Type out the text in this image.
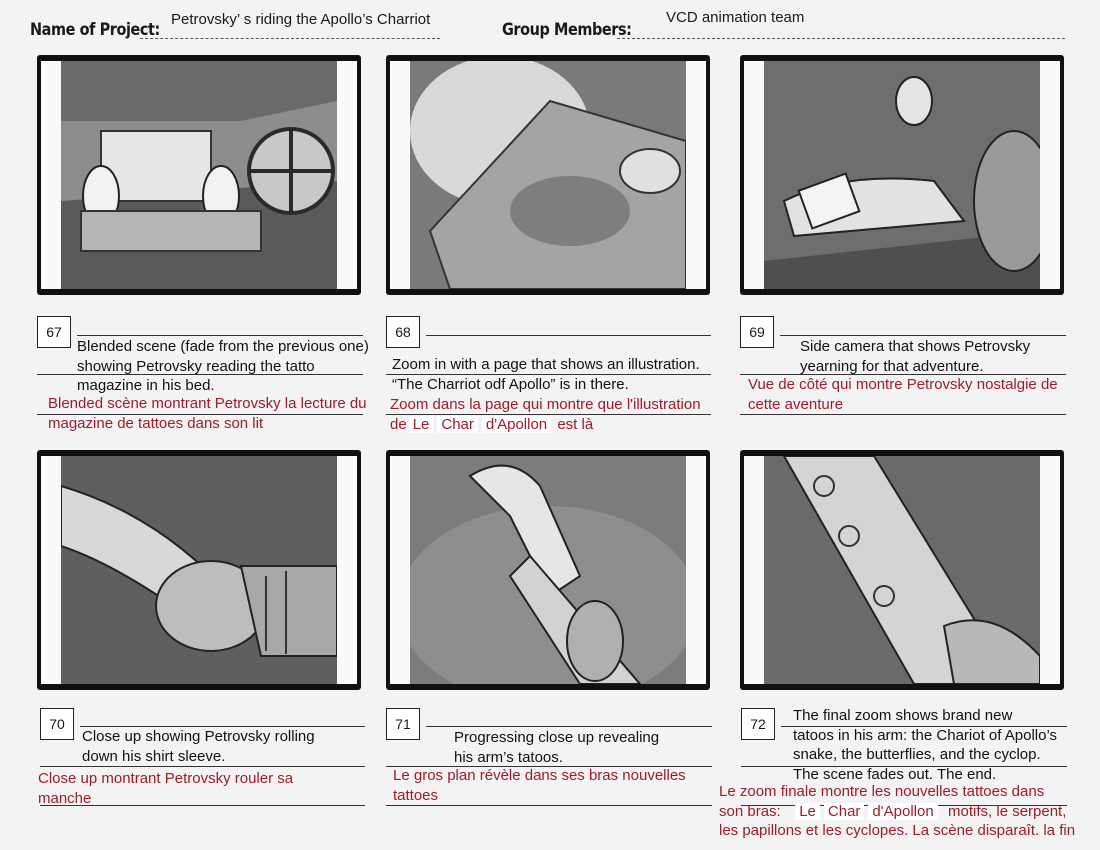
Name of Project:
Petrovsky’ s riding the Apollo’s Charriot
Group Members:
VCD animation team
67
Blended scene (fade from the previous one)
showing Petrovsky reading the tatto
magazine in his bed.
Blended scène montrant Petrovsky la lecture du magazine de tattoes dans son lit
68
Zoom in with a page that shows an illustration.
“The Charriot odf Apollo” is in there.
Zoom dans la page qui montre que l'illustration
de Le Char d'Apollon est là
69
Side camera that shows Petrovsky
yearning for that adventure.
Vue de côté qui montre Petrovsky nostalgie de cette aventure
70
Close up showing Petrovsky rolling
down his shirt sleeve.
Close up montrant Petrovsky rouler sa manche
71
Progressing close up revealing
his arm’s tatoos.
Le gros plan révèle dans ses bras nouvelles tattoes
72	The final zoom shows brand new
tatoos in his arm: the Chariot of Apollo’s
snake, the butterflies, and the cyclop.
The scene fades out. The end.
Le zoom finale montre les nouvelles tattoes dans
son bras: Le Char d'Apollon motifs, le serpent,
les papillons et les cyclopes. La scène disparaît. la fin
